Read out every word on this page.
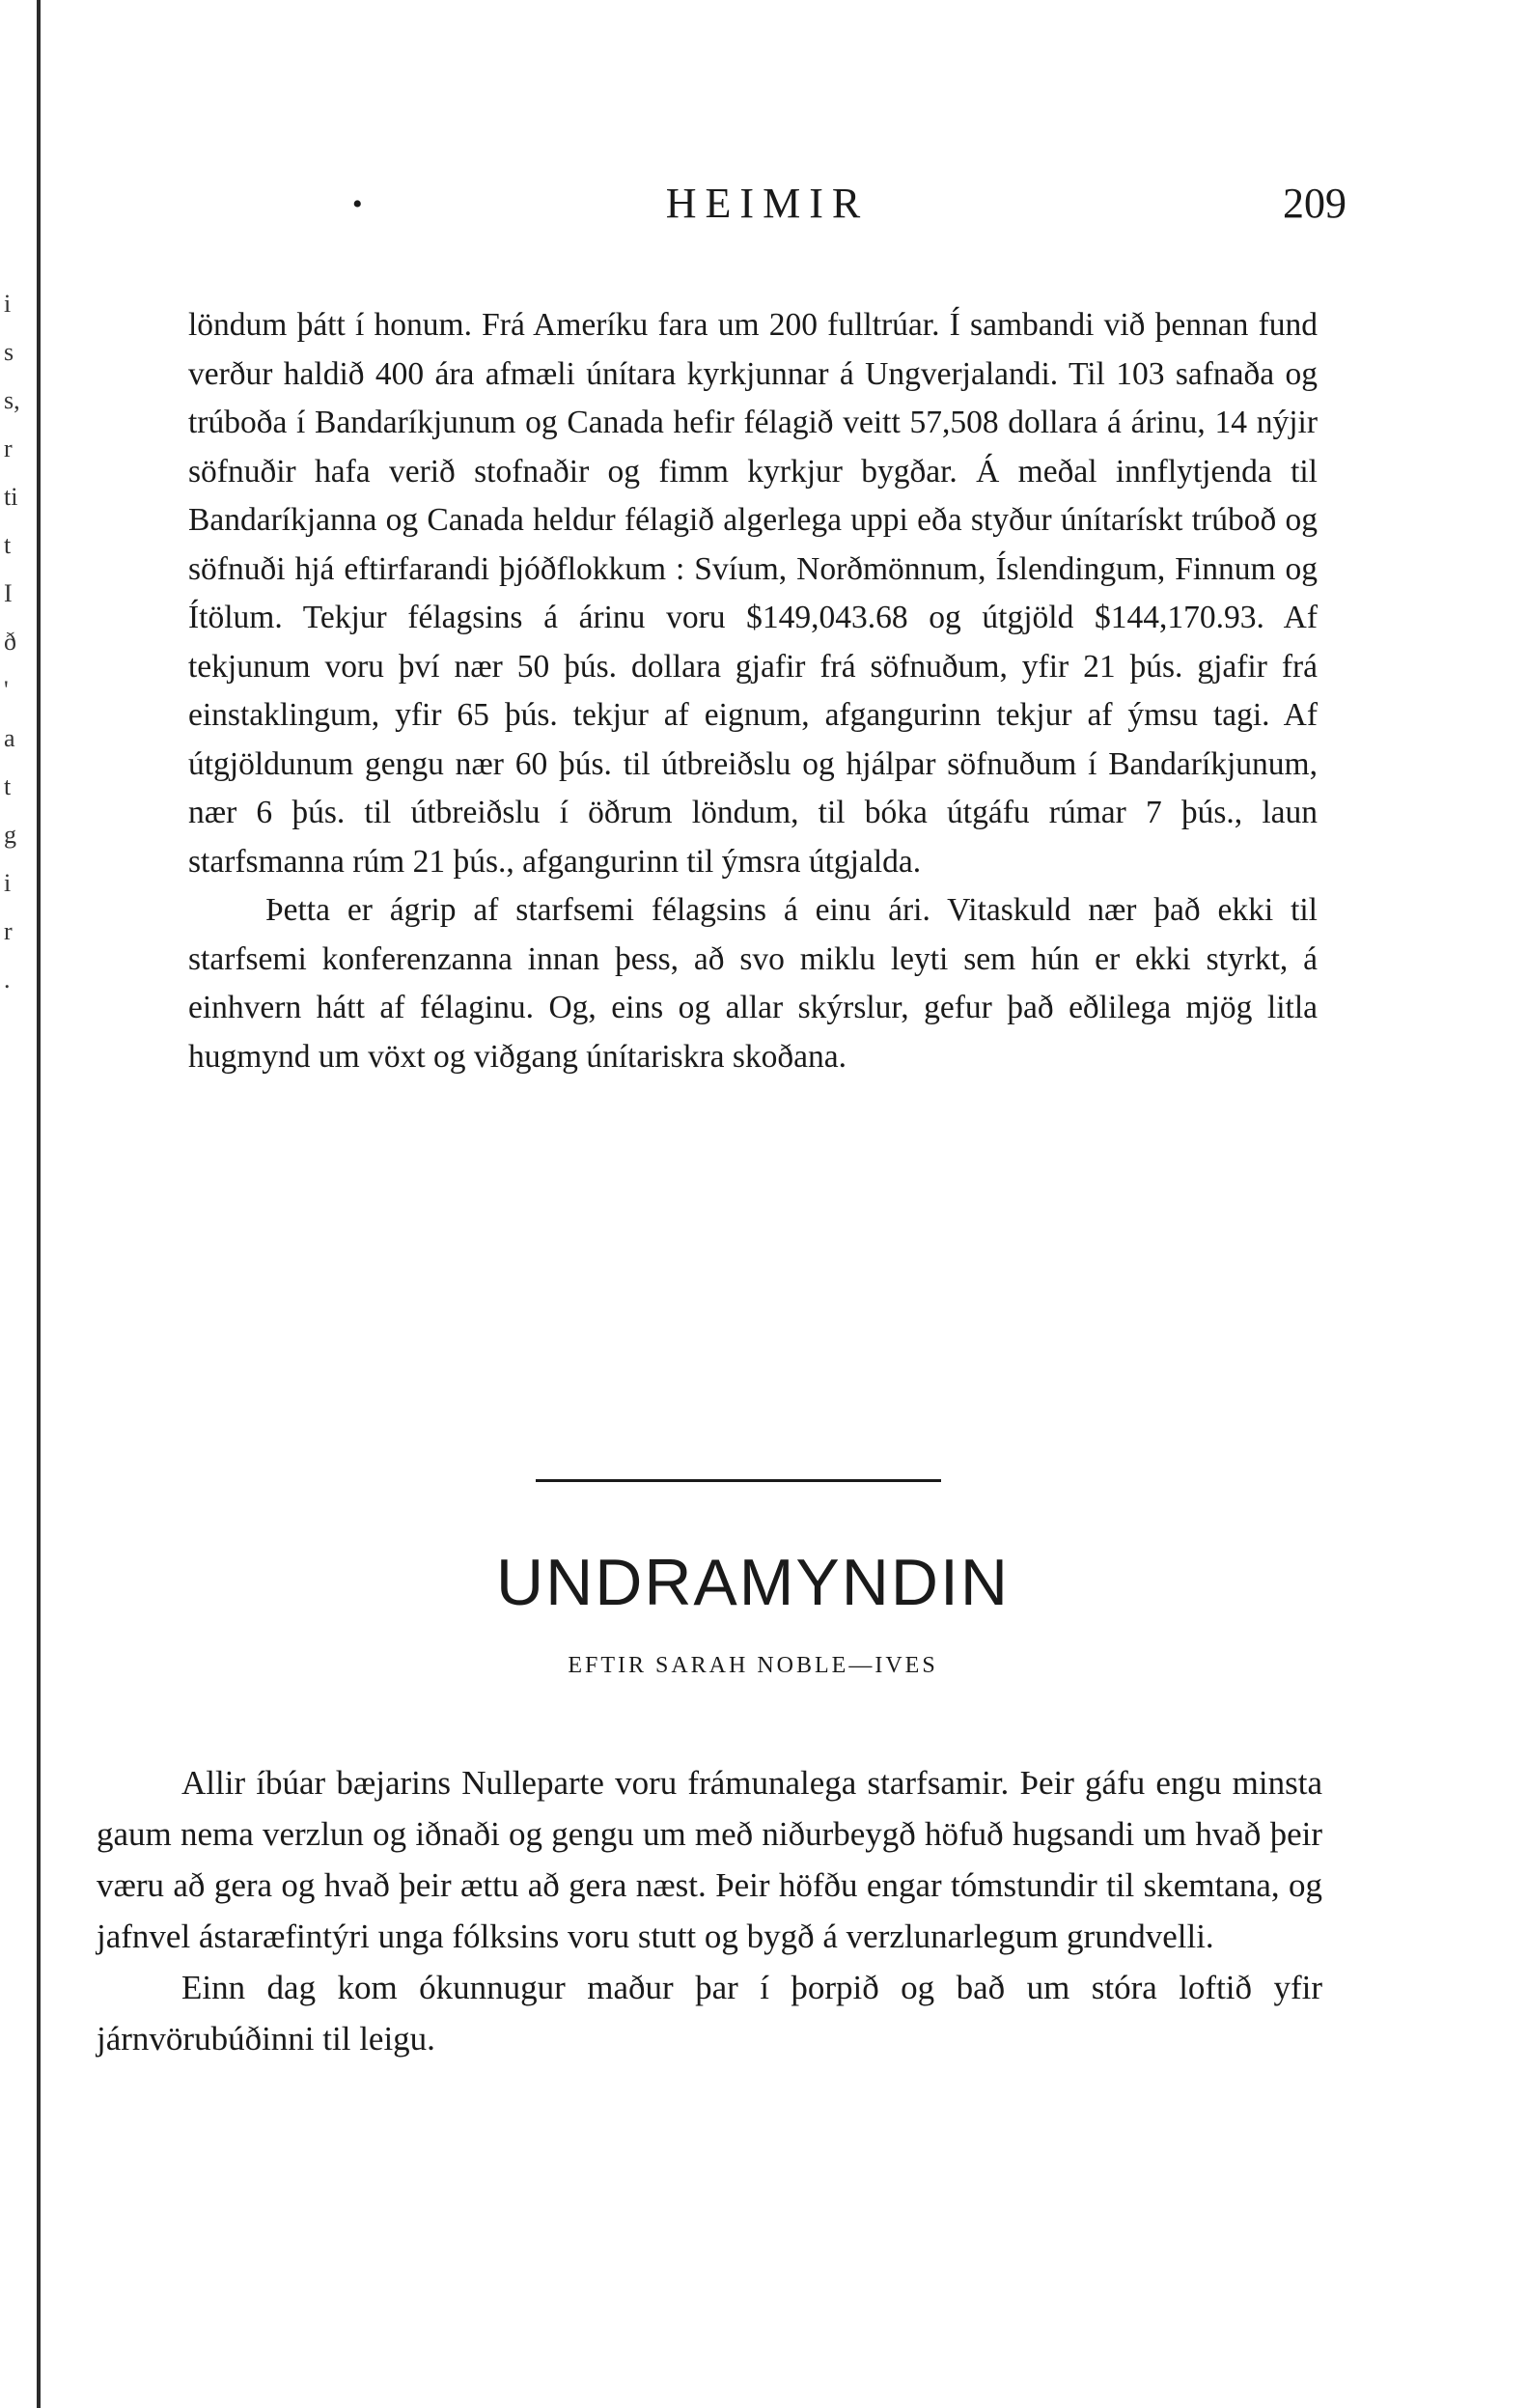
i
s
s,
r
ti
t
I
ð
'
a
t
g
i
r
.
•	HEIMIR	209

löndum þátt í honum. Frá Ameríku fara um 200 fulltrúar. Í sambandi við þennan fund verður haldið 400 ára afmæli únítara kyrkjunnar á Ungverjalandi. Til 103 safnaða og trúboða í Bandaríkjunum og Canada hefir félagið veitt 57,508 dollara á árinu, 14 nýjir söfnuðir hafa verið stofnaðir og fimm kyrkjur bygðar. Á meðal innflytjenda til Bandaríkjanna og Canada heldur félagið algerlega uppi eða styður únítarískt trúboð og söfnuði hjá eftirfarandi þjóðflokkum : Svíum, Norðmönnum, Íslendingum, Finnum og Ítölum. Tekjur félagsins á árinu voru $149,043.68 og útgjöld $144,170.93. Af tekjunum voru því nær 50 þús. dollara gjafir frá söfnuðum, yfir 21 þús. gjafir frá einstaklingum, yfir 65 þús. tekjur af eignum, afgangurinn tekjur af ýmsu tagi. Af útgjöldunum gengu nær 60 þús. til útbreiðslu og hjálpar söfnuðum í Bandaríkjunum, nær 6 þús. til útbreiðslu í öðrum löndum, til bóka útgáfu rúmar 7 þús., laun starfsmanna rúm 21 þús., afgangurinn til ýmsra útgjalda.

Þetta er ágrip af starfsemi félagsins á einu ári. Vitaskuld nær það ekki til starfsemi konferenzanna innan þess, að svo miklu leyti sem hún er ekki styrkt, á einhvern hátt af félaginu. Og, eins og allar skýrslur, gefur það eðlilega mjög litla hugmynd um vöxt og viðgang únítariskra skoðana.

UNDRAMYNDIN
EFTIR SARAH NOBLE—IVES

Allir íbúar bæjarins Nulleparte voru frámunalega starfsamir. Þeir gáfu engu minsta gaum nema verzlun og iðnaði og gengu um með niðurbeygð höfuð hugsandi um hvað þeir væru að gera og hvað þeir ættu að gera næst. Þeir höfðu engar tómstundir til skemtana, og jafnvel ástaræfintýri unga fólksins voru stutt og bygð á verzlunarlegum grundvelli.

Einn dag kom ókunnugur maður þar í þorpið og bað um stóra loftið yfir járnvörubúðinni til leigu.
